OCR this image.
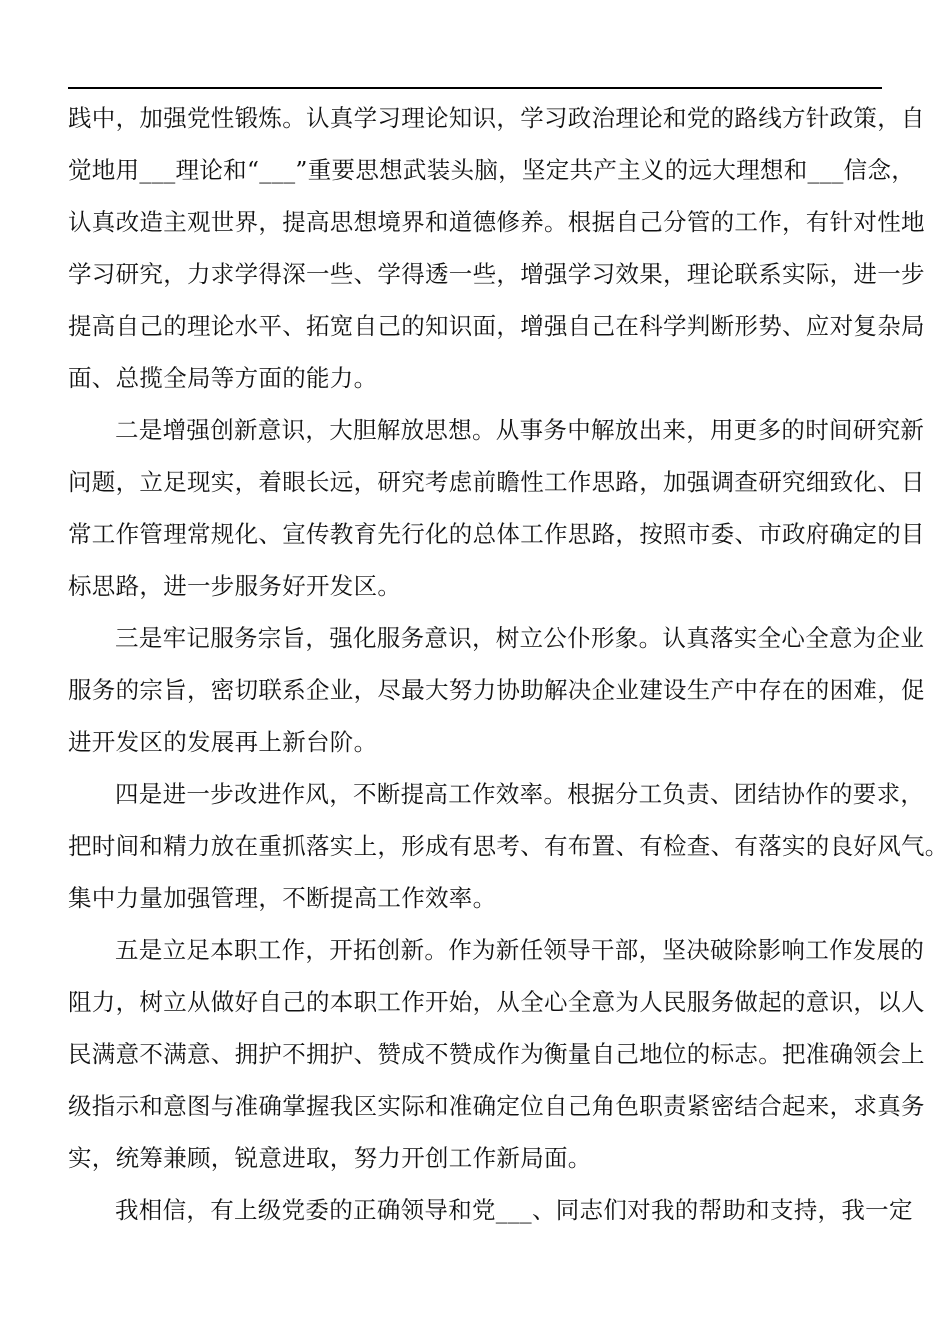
践中，加强党性锻炼。认真学习理论知识，学习政治理论和党的路线方针政策，自
觉地用___理论和“___”重要思想武装头脑，坚定共产主义的远大理想和___信念，
认真改造主观世界，提高思想境界和道德修养。根据自己分管的工作，有针对性地
学习研究，力求学得深一些、学得透一些，增强学习效果，理论联系实际，进一步
提高自己的理论水平、拓宽自己的知识面，增强自己在科学判断形势、应对复杂局
面、总揽全局等方面的能力。
二是增强创新意识，大胆解放思想。从事务中解放出来，用更多的时间研究新
问题，立足现实，着眼长远，研究考虑前瞻性工作思路，加强调查研究细致化、日
常工作管理常规化、宣传教育先行化的总体工作思路，按照市委、市政府确定的目
标思路，进一步服务好开发区。
三是牢记服务宗旨，强化服务意识，树立公仆形象。认真落实全心全意为企业
服务的宗旨，密切联系企业，尽最大努力协助解决企业建设生产中存在的困难，促
进开发区的发展再上新台阶。
四是进一步改进作风，不断提高工作效率。根据分工负责、团结协作的要求，
把时间和精力放在重抓落实上，形成有思考、有布置、有检查、有落实的良好风气。
集中力量加强管理，不断提高工作效率。
五是立足本职工作，开拓创新。作为新任领导干部，坚决破除影响工作发展的
阻力，树立从做好自己的本职工作开始，从全心全意为人民服务做起的意识，以人
民满意不满意、拥护不拥护、赞成不赞成作为衡量自己地位的标志。把准确领会上
级指示和意图与准确掌握我区实际和准确定位自己角色职责紧密结合起来，求真务
实，统筹兼顾，锐意进取，努力开创工作新局面。
我相信，有上级党委的正确领导和党___、同志们对我的帮助和支持，我一定
